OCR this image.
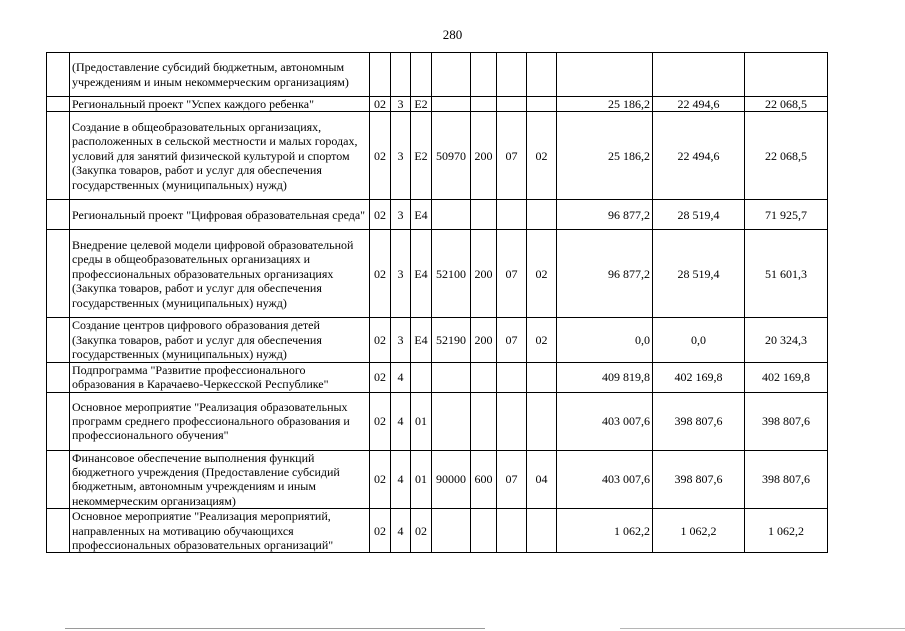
280
	(Предоставление субсидий бюджетным, автономным учреждениям и иным некоммерческим организациям)										
	Региональный проект "Успех каждого ребенка"	02	3	Е2					25 186,2	22 494,6	22 068,5
	Создание в общеобразовательных организациях, расположенных в сельской местности и малых городах, условий для занятий физической культурой и спортом (Закупка товаров, работ и услуг для обеспечения государственных (муниципальных) нужд)	02	3	Е2	50970	200	07	02	25 186,2	22 494,6	22 068,5
	Региональный проект "Цифровая образовательная среда"	02	3	Е4					96 877,2	28 519,4	71 925,7
	Внедрение целевой модели цифровой образовательной среды в общеобразовательных организациях и профессиональных образовательных организациях (Закупка товаров, работ и услуг для обеспечения государственных (муниципальных) нужд)	02	3	Е4	52100	200	07	02	96 877,2	28 519,4	51 601,3
	Создание центров цифрового образования детей (Закупка товаров, работ и услуг для обеспечения государственных (муниципальных) нужд)	02	3	Е4	52190	200	07	02	0,0	0,0	20 324,3
	Подпрограмма "Развитие профессионального образования в Карачаево-Черкесской Республике"	02	4						409 819,8	402 169,8	402 169,8
	Основное мероприятие "Реализация образовательных программ среднего профессионального образования и профессионального обучения"	02	4	01					403 007,6	398 807,6	398 807,6
	Финансовое обеспечение выполнения функций бюджетного учреждения (Предоставление субсидий бюджетным, автономным учреждениям и иным некоммерческим организациям)	02	4	01	90000	600	07	04	403 007,6	398 807,6	398 807,6
	Основное мероприятие "Реализация мероприятий, направленных на мотивацию обучающихся профессиональных образовательных организаций"	02	4	02					1 062,2	1 062,2	1 062,2
